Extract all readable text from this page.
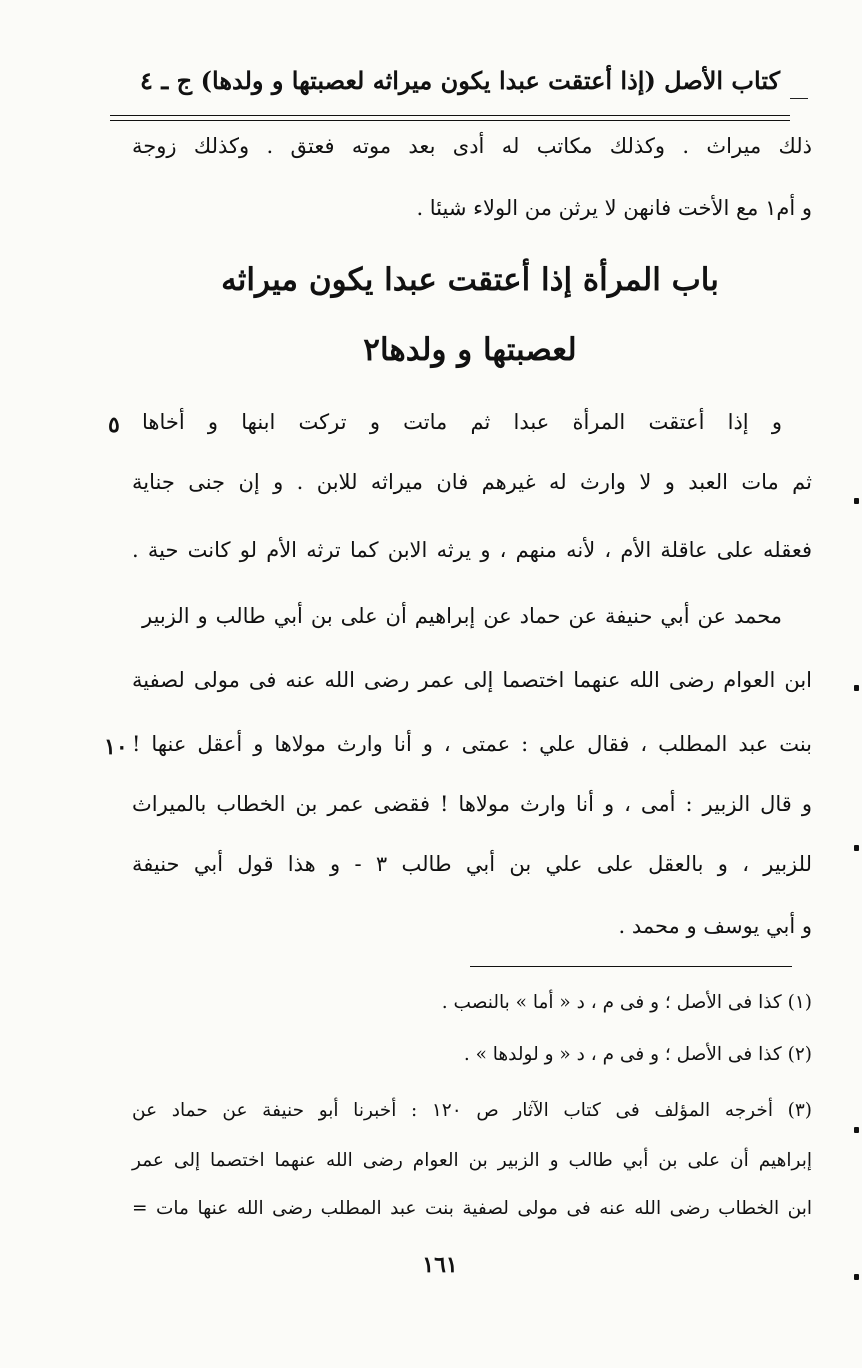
كتاب الأصل (إذا أعتقت عبدا يكون ميراثه لعصبتها و ولدها)
ج ـ ٤
ذلك ميراث . وكذلك مكاتب له أدى بعد موته فعتق . وكذلك زوجة
و أم١ مع الأخت فانهن لا يرثن من الولاء شيئا .
باب المرأة إذا أعتقت عبدا يكون ميراثه
لعصبتها و ولدها٢
و إذا أعتقت المرأة عبدا ثم ماتت و تركت ابنها و أخاها
٥
ثم مات العبد و لا وارث له غيرهم فان ميراثه للابن . و إن جنى جناية
فعقله على عاقلة الأم ، لأنه منهم ، و يرثه الابن كما ترثه الأم لو كانت حية .
محمد عن أبي حنيفة عن حماد عن إبراهيم أن على بن أبي طالب و الزبير
ابن العوام رضى الله عنهما اختصما إلى عمر رضى الله عنه فى مولى لصفية
بنت عبد المطلب ، فقال علي : عمتى ، و أنا وارث مولاها و أعقل عنها !
١٠
و قال الزبير : أمى ، و أنا وارث مولاها ! فقضى عمر بن الخطاب بالميراث
للزبير ، و بالعقل على علي بن أبي طالب ٣ - و هذا قول أبي حنيفة
و أبي يوسف و محمد .
(١) كذا فى الأصل ؛ و فى م ، د « أما » بالنصب .
(٢) كذا فى الأصل ؛ و فى م ، د « و لولدها » .
(٣) أخرجه المؤلف فى كتاب الآثار ص ١٢٠ : أخبرنا أبو حنيفة عن حماد عن
إبراهيم أن على بن أبي طالب و الزبير بن العوام رضى الله عنهما اختصما إلى عمر
ابن الخطاب رضى الله عنه فى مولى لصفية بنت عبد المطلب رضى الله عنها مات =
١٦١
